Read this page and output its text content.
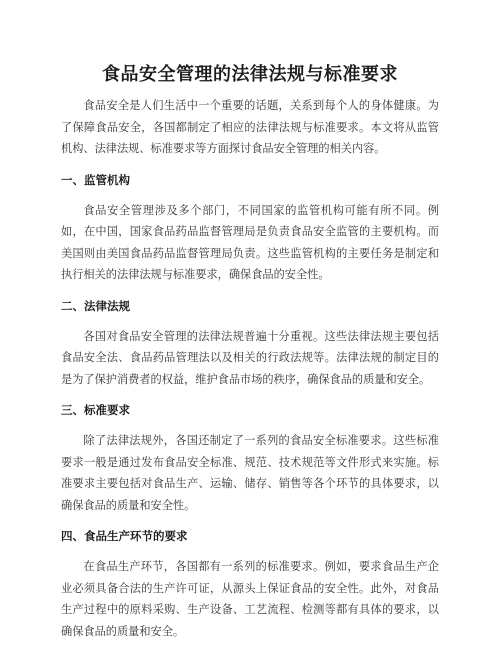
食品安全管理的法律法规与标准要求

食品安全是人们生活中一个重要的话题，关系到每个人的身体健康。为了保障食品安全，各国都制定了相应的法律法规与标准要求。本文将从监管机构、法律法规、标准要求等方面探讨食品安全管理的相关内容。

一、监管机构

食品安全管理涉及多个部门，不同国家的监管机构可能有所不同。例如，在中国，国家食品药品监督管理局是负责食品安全监管的主要机构。而美国则由美国食品药品监督管理局负责。这些监管机构的主要任务是制定和执行相关的法律法规与标准要求，确保食品的安全性。

二、法律法规

各国对食品安全管理的法律法规普遍十分重视。这些法律法规主要包括食品安全法、食品药品管理法以及相关的行政法规等。法律法规的制定目的是为了保护消费者的权益，维护食品市场的秩序，确保食品的质量和安全。

三、标准要求

除了法律法规外，各国还制定了一系列的食品安全标准要求。这些标准要求一般是通过发布食品安全标准、规范、技术规范等文件形式来实施。标准要求主要包括对食品生产、运输、储存、销售等各个环节的具体要求，以确保食品的质量和安全性。

四、食品生产环节的要求

在食品生产环节，各国都有一系列的标准要求。例如，要求食品生产企业必须具备合法的生产许可证，从源头上保证食品的安全性。此外，对食品生产过程中的原料采购、生产设备、工艺流程、检测等都有具体的要求，以确保食品的质量和安全。
